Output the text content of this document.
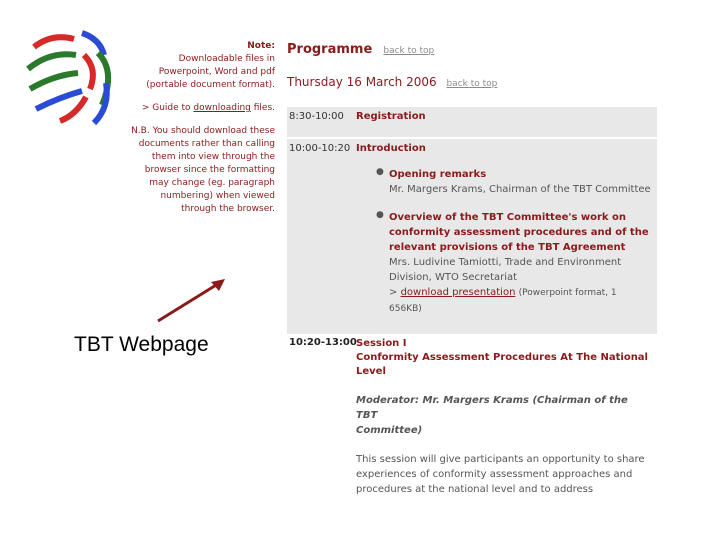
Note:

Downloadable files in

Powerpoint, Word and pdf

(portable document format).

> Guide to downloading files.

N.B. You should download these

documents rather than calling

them into view through the

browser since the formatting

may change (eg. paragraph

numbering) when viewed

through the browser.

TBT Webpage
Programme back to top
Thursday 16 March 2006 back to top
8:30-10:00 Registration
10:00-10:20 Introduction
● Opening remarks
Mr. Margers Krams, Chairman of the TBT Committee
● Overview of the TBT Committee's work on
conformity assessment procedures and of the
relevant provisions of the TBT Agreement
Mrs. Ludivine Tamiotti, Trade and Environment
Division, WTO Secretariat
> download presentation (Powerpoint format, 1 656KB)
10:20-13:00 Session I
Conformity Assessment Procedures At The National Level
Moderator: Mr. Margers Krams (Chairman of the TBT
Committee)
This session will give participants an opportunity to share
experiences of conformity assessment approaches and
procedures at the national level and to address
